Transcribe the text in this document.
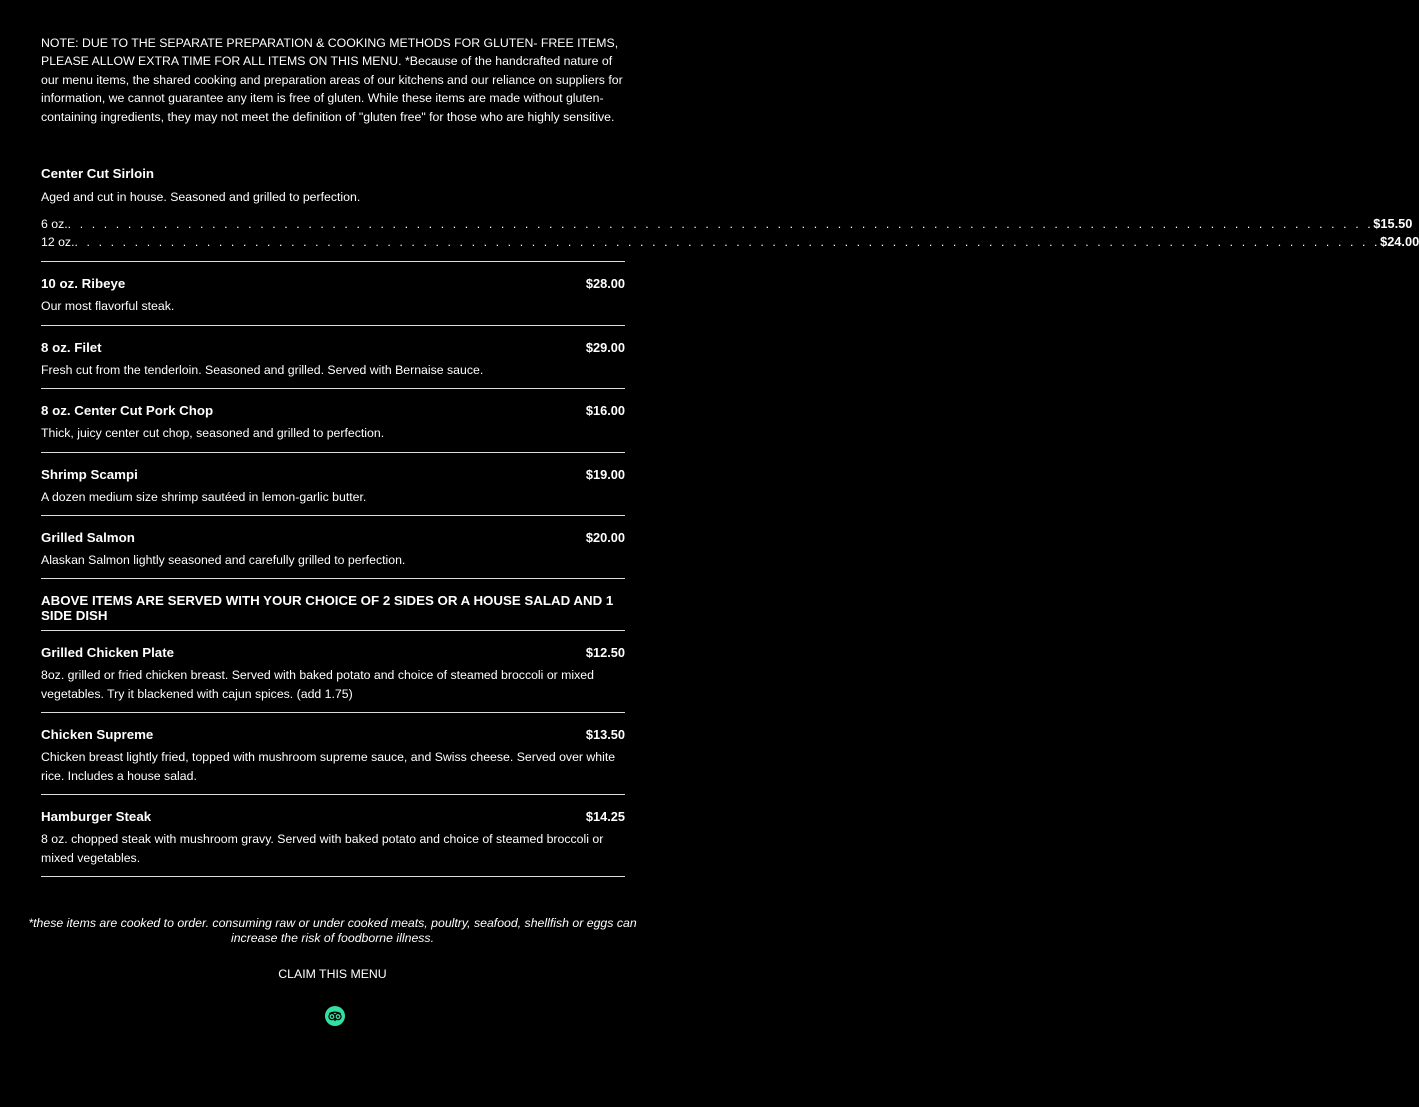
NOTE: DUE TO THE SEPARATE PREPARATION & COOKING METHODS FOR GLUTEN- FREE ITEMS, PLEASE ALLOW EXTRA TIME FOR ALL ITEMS ON THIS MENU. *Because of the handcrafted nature of our menu items, the shared cooking and preparation areas of our kitchens and our reliance on suppliers for information, we cannot guarantee any item is free of gluten. While these items are made without gluten-containing ingredients, they may not meet the definition of "gluten free" for those who are highly sensitive.

Center Cut Sirloin
Aged and cut in house. Seasoned and grilled to perfection.
6 oz. . . . . . . . . . . . . . . . . . . . . . . . . . . . . . . . . . . . . . . . . . . . . . . . . . . . . . . . . . . . . . . . . . . . . . . . . . . . . . . . . . . . . . . . . . . . . . . . . . . . . . . . . . . . . . $15.50
12 oz. . . . . . . . . . . . . . . . . . . . . . . . . . . . . . . . . . . . . . . . . . . . . . . . . . . . . . . . . . . . . . . . . . . . . . . . . . . . . . . . . . . . . . . . . . . . . . . . . . . . . . . . . . . . . . $24.00
10 oz. Ribeye	$28.00
Our most flavorful steak.
8 oz. Filet	$29.00
Fresh cut from the tenderloin. Seasoned and grilled. Served with Bernaise sauce.
8 oz. Center Cut Pork Chop	$16.00
Thick, juicy center cut chop, seasoned and grilled to perfection.
Shrimp Scampi	$19.00
A dozen medium size shrimp sautéed in lemon-garlic butter.
Grilled Salmon	$20.00
Alaskan Salmon lightly seasoned and carefully grilled to perfection.

ABOVE ITEMS ARE SERVED WITH YOUR CHOICE OF 2 SIDES OR A HOUSE SALAD AND 1 SIDE DISH

Grilled Chicken Plate	$12.50
8oz. grilled or fried chicken breast. Served with baked potato and choice of steamed broccoli or mixed vegetables. Try it blackened with cajun spices. (add 1.75)
Chicken Supreme	$13.50
Chicken breast lightly fried, topped with mushroom supreme sauce, and Swiss cheese. Served over white rice. Includes a house salad.
Hamburger Steak	$14.25
8 oz. chopped steak with mushroom gravy. Served with baked potato and choice of steamed broccoli or mixed vegetables.
*these items are cooked to order. consuming raw or under cooked meats, poultry, seafood, shellfish or eggs can increase the risk of foodborne illness.
CLAIM THIS MENU
